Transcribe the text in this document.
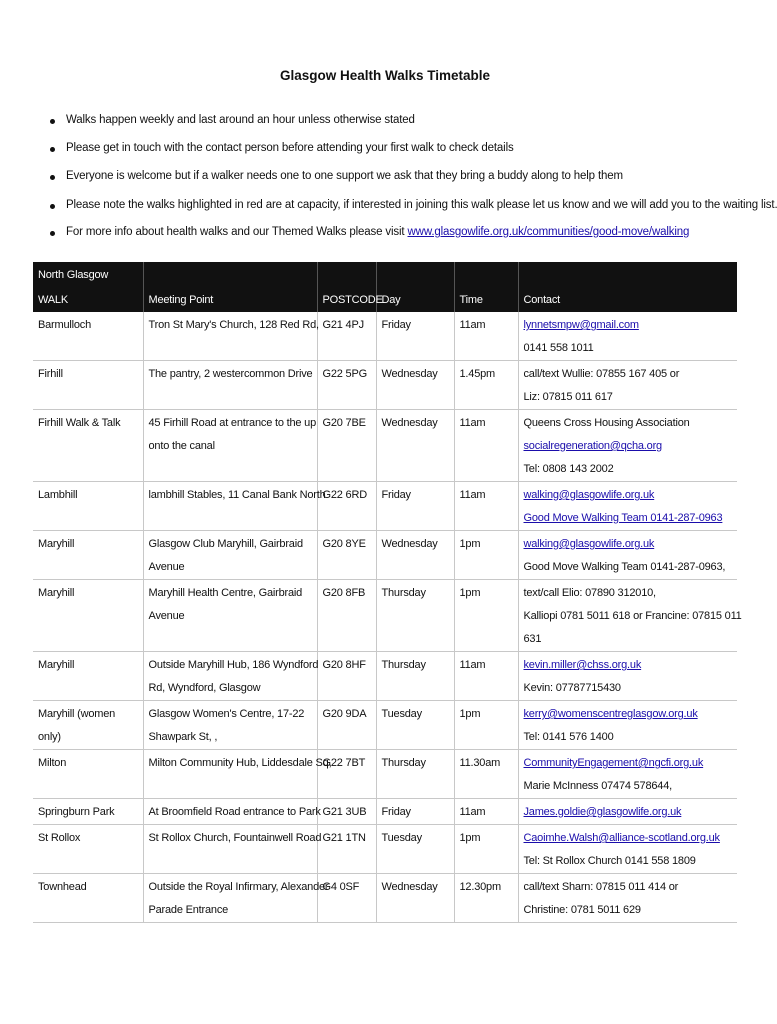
Glasgow Health Walks Timetable
Walks happen weekly and last around an hour unless otherwise stated
Please get in touch with the contact person before attending your first walk to check details
Everyone is welcome but if a walker needs one to one support we ask that they bring a buddy along to help them
Please note the walks highlighted in red are at capacity, if interested in joining this walk please let us know and we will add you to the waiting list.
For more info about health walks and our Themed Walks please visit www.glasgowlife.org.uk/communities/good-move/walking
North Glasgow					
WALK	Meeting Point	POSTCODE	Day	Time	Contact
Barmulloch	Tron St Mary's Church, 128 Red Rd,	G21 4PJ	Friday	11am	lynnetsmpw@gmail.com
0141 558 1011

Firhill	The pantry, 2 westercommon Drive	G22 5PG	Wednesday	1.45pm	call/text Wullie: 07855 167 405 or
Liz: 07815 011 617

Firhill Walk & Talk	45 Firhill Road at entrance to the up
onto the canal	G20 7BE	Wednesday	11am	Queens Cross Housing Association
socialregeneration@qcha.org
Tel: 0808 143 2002

Lambhill	lambhill Stables, 11 Canal Bank North	G22 6RD	Friday	11am	walking@glasgowlife.org.uk
Good Move Walking Team 0141-287-0963

Maryhill	Glasgow Club Maryhill, Gairbraid
Avenue	G20 8YE	Wednesday	1pm	walking@glasgowlife.org.uk
Good Move Walking Team 0141-287-0963,

Maryhill	Maryhill Health Centre, Gairbraid
Avenue	G20 8FB	Thursday	1pm	text/call Elio: 07890 312010,
Kalliopi 0781 5011 618 or Francine: 07815 011
631

Maryhill	Outside Maryhill Hub, 186 Wyndford
Rd, Wyndford, Glasgow	G20 8HF	Thursday	11am	kevin.miller@chss.org.uk
Kevin: 07787715430

Maryhill (women only)	Glasgow Women's Centre, 17-22
Shawpark St, ,	G20 9DA	Tuesday	1pm	kerry@womenscentreglasgow.org.uk
Tel: 0141 576 1400

Milton	Milton Community Hub, Liddesdale Sq,	G22 7BT	Thursday	11.30am	CommunityEngagement@ngcfi.org.uk
Marie McInness 07474 578644,

Springburn Park	At Broomfield Road entrance to Park	G21 3UB	Friday	11am	James.goldie@glasgowlife.org.uk

St Rollox	St Rollox Church, Fountainwell Road	G21 1TN	Tuesday	1pm	Caoimhe.Walsh@alliance-scotland.org.uk
Tel: St Rollox Church 0141 558 1809

Townhead	Outside the Royal Infirmary, Alexander
Parade Entrance	G4 0SF	Wednesday	12.30pm	call/text Sharn: 07815 011 414 or
Christine: 0781 5011 629
